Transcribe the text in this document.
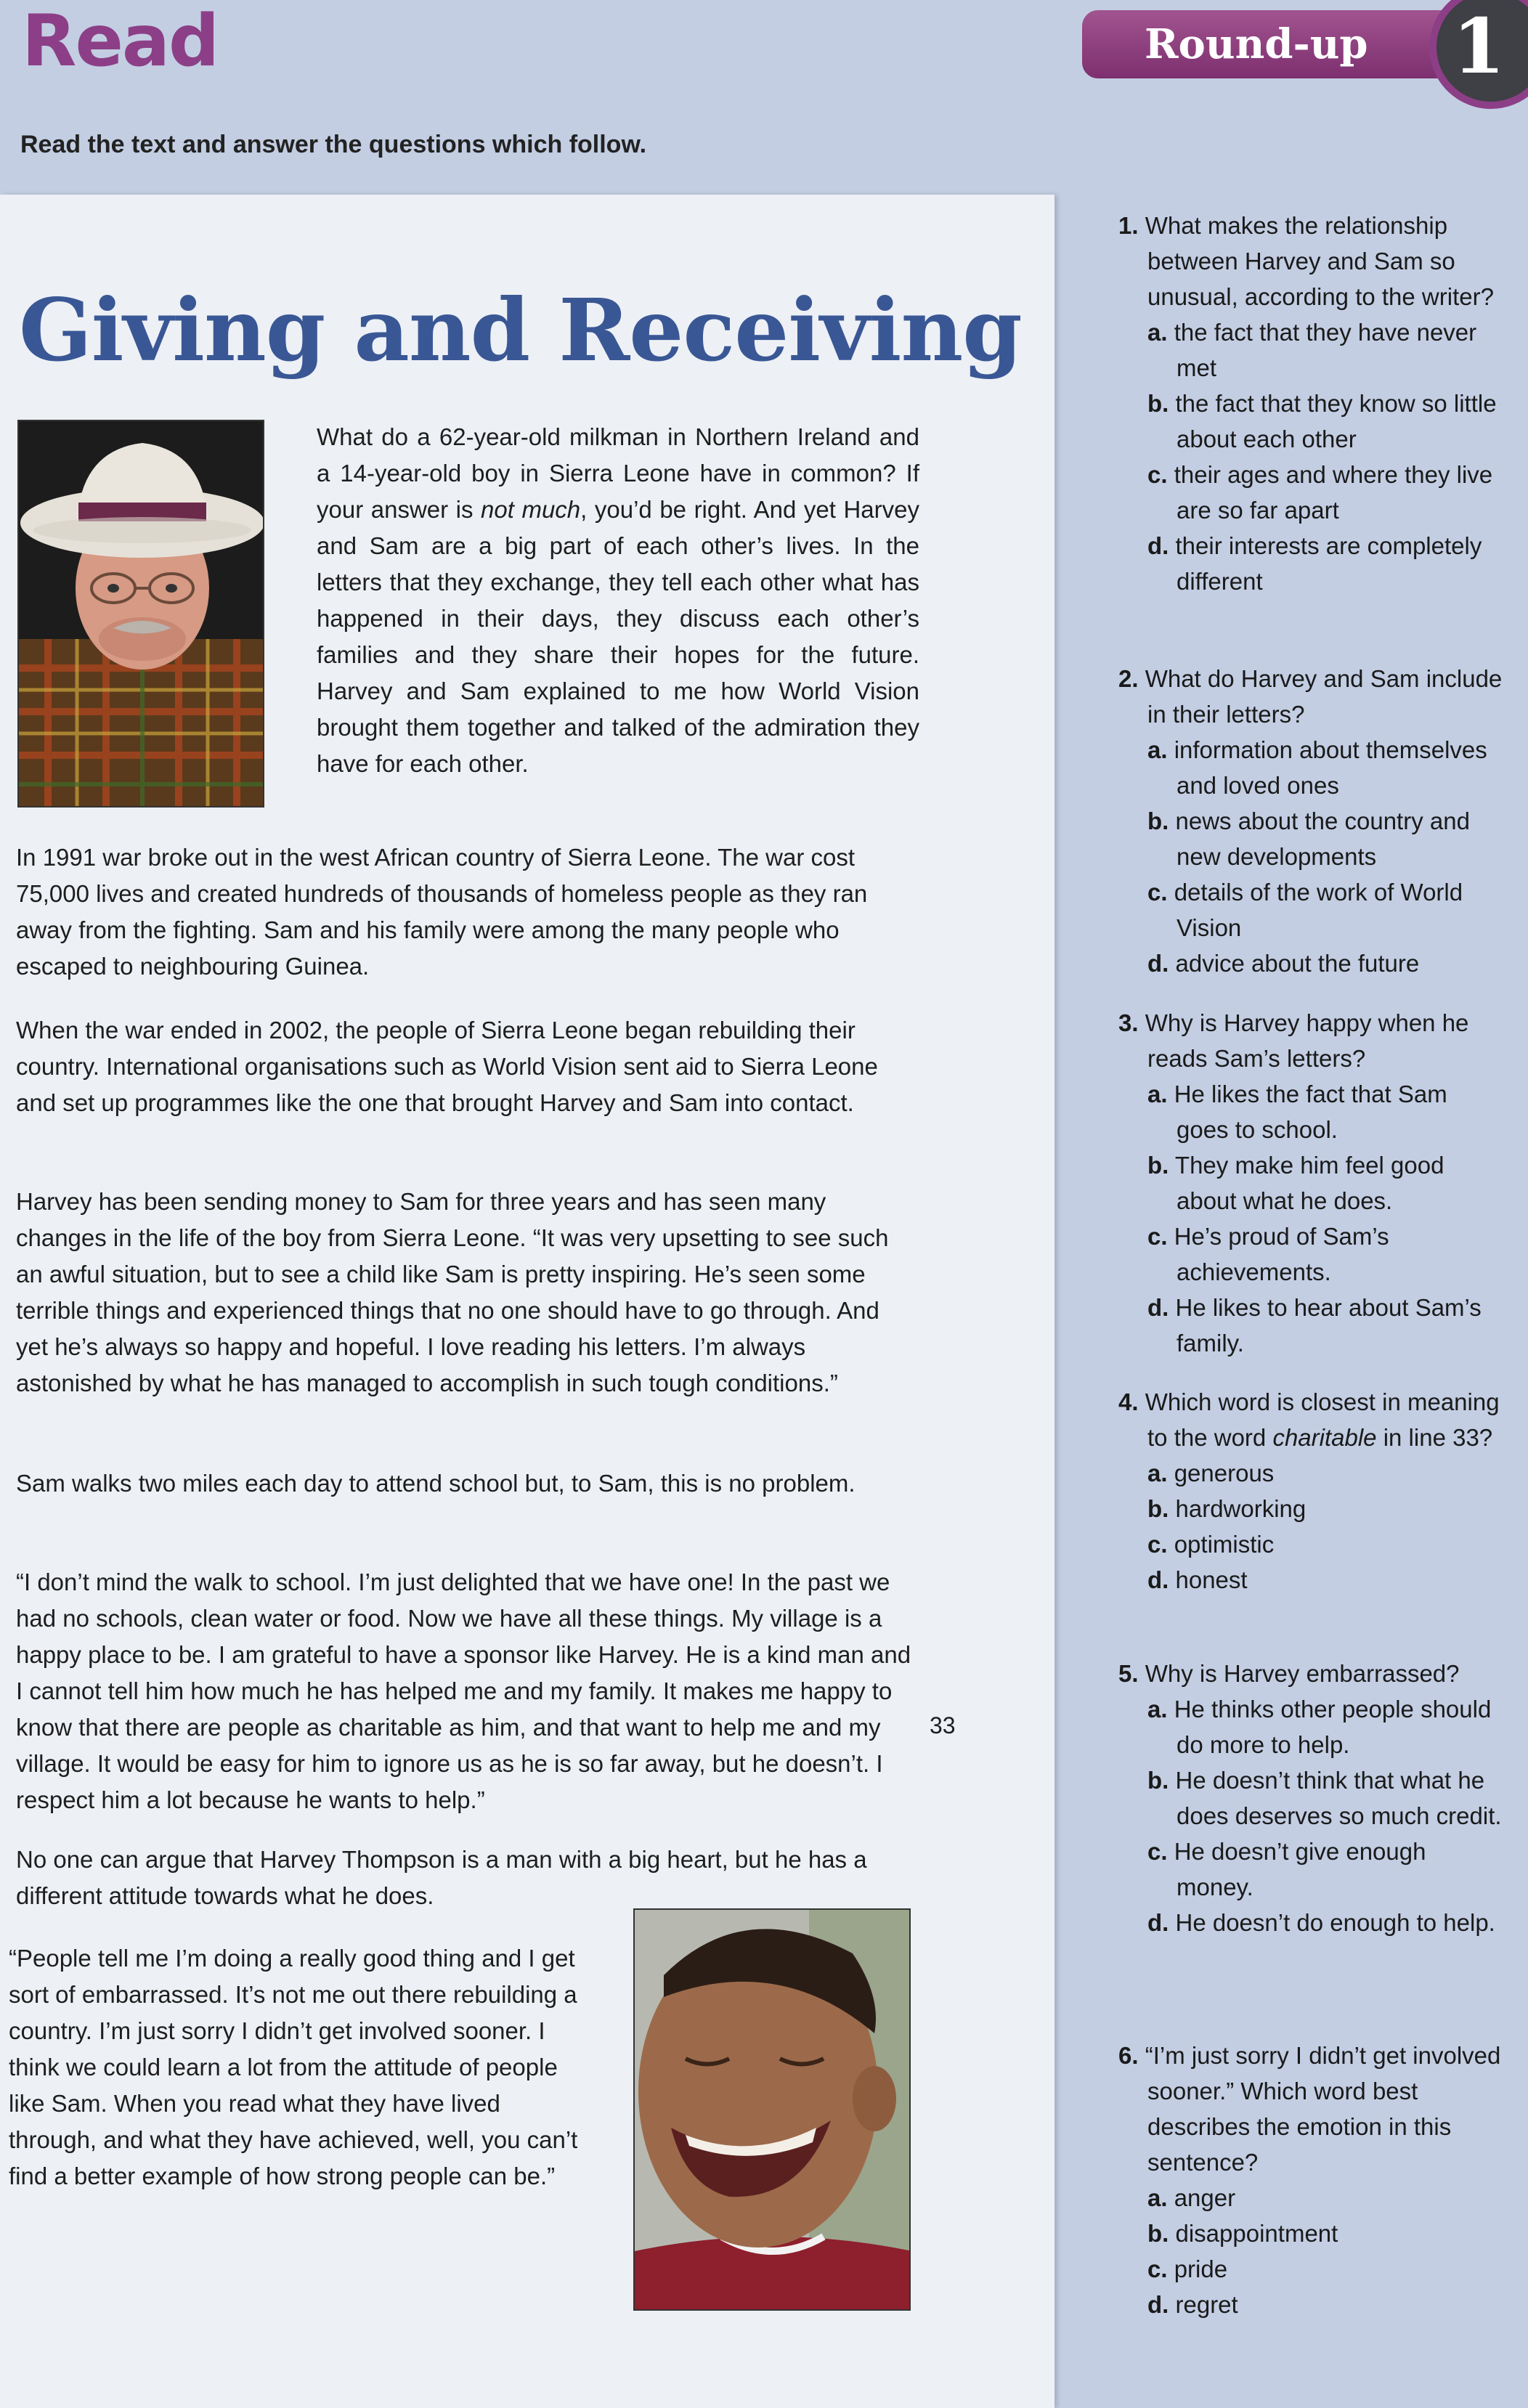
Read
Read the text and answer the questions which follow.
Round-up	1
Giving and Receiving

What do a 62-year-old milkman in Northern Ireland and a 14-year-old boy in Sierra Leone have in common? If your answer is not much, you’d be right. And yet Harvey and Sam are a big part of each other’s lives. In the letters that they exchange, they tell each other what has happened in their days, they discuss each other’s families and they share their hopes for the future. Harvey and Sam explained to me how World Vision brought them together and talked of the admiration they have for each other.

In 1991 war broke out in the west African country of Sierra Leone. The war cost 75,000 lives and created hundreds of thousands of homeless people as they ran away from the fighting. Sam and his family were among the many people who escaped to neighbouring Guinea.

When the war ended in 2002, the people of Sierra Leone began rebuilding their country. International organisations such as World Vision sent aid to Sierra Leone and set up programmes like the one that brought Harvey and Sam into contact.

Harvey has been sending money to Sam for three years and has seen many changes in the life of the boy from Sierra Leone. “It was very upsetting to see such an awful situation, but to see a child like Sam is pretty inspiring. He’s seen some terrible things and experienced things that no one should have to go through. And yet he’s always so happy and hopeful. I love reading his letters. I’m always astonished by what he has managed to accomplish in such tough conditions.”

Sam walks two miles each day to attend school but, to Sam, this is no problem.

“I don’t mind the walk to school. I’m just delighted that we have one! In the past we had no schools, clean water or food. Now we have all these things. My village is a happy place to be. I am grateful to have a sponsor like Harvey. He is a kind man and I cannot tell him how much he has helped me and my family. It makes me happy to know that there are people as charitable as him, and that want to help me and my village. It would be easy for him to ignore us as he is so far away, but he doesn’t. I respect him a lot because he wants to help.”

33

No one can argue that Harvey Thompson is a man with a big heart, but he has a different attitude towards what he does.

“People tell me I’m doing a really good thing and I get sort of embarrassed. It’s not me out there rebuilding a country. I’m just sorry I didn’t get involved sooner. I think we could learn a lot from the attitude of people like Sam. When you read what they have lived through, and what they have achieved, well, you can’t find a better example of how strong people can be.”

1. What makes the relationship between Harvey and Sam so unusual, according to the writer?

a. the fact that they have never met

b. the fact that they know so little about each other

c. their ages and where they live are so far apart

d. their interests are completely different

2. What do Harvey and Sam include in their letters?

a. information about themselves and loved ones

b. news about the country and new developments

c. details of the work of World Vision

d. advice about the future

3. Why is Harvey happy when he reads Sam’s letters?

a. He likes the fact that Sam goes to school.

b. They make him feel good about what he does.

c. He’s proud of Sam’s achievements.

d. He likes to hear about Sam’s family.

4. Which word is closest in meaning to the word charitable in line 33?

a. generous

b. hardworking

c. optimistic

d. honest

5. Why is Harvey embarrassed?

a. He thinks other people should do more to help.

b. He doesn’t think that what he does deserves so much credit.

c. He doesn’t give enough money.

d. He doesn’t do enough to help.

6. “I’m just sorry I didn’t get involved sooner.” Which word best describes the emotion in this sentence?

a. anger

b. disappointment

c. pride

d. regret
